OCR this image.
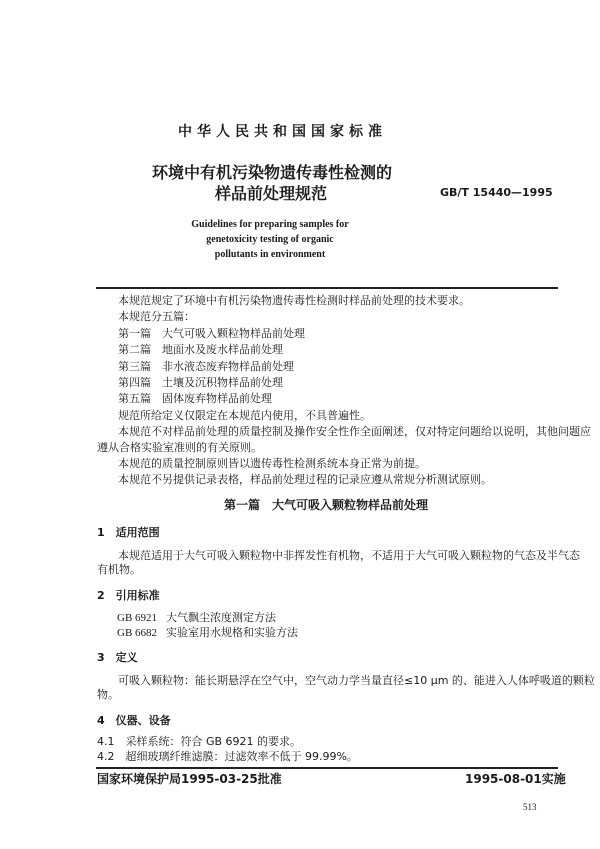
中华人民共和国国家标准
环境中有机污染物遗传毒性检测的
样品前处理规范	GB/T 15440—1995
Guidelines for preparing samples for
genetoxicity testing of organic
pollutants in environment
本规范规定了环境中有机污染物遗传毒性检测时样品前处理的技术要求。
本规范分五篇：
第一篇　大气可吸入颗粒物样品前处理
第二篇　地面水及废水样品前处理
第三篇　非水液态废弃物样品前处理
第四篇　土壤及沉积物样品前处理
第五篇　固体废弃物样品前处理
规范所给定义仅限定在本规范内使用，不具普遍性。
本规范不对样品前处理的质量控制及操作安全性作全面阐述，仅对特定问题给以说明，其他问题应
遵从合格实验室准则的有关原则。
本规范的质量控制原则皆以遗传毒性检测系统本身正常为前提。
本规范不另提供记录表格，样品前处理过程的记录应遵从常规分析测试原则。
第一篇　大气可吸入颗粒物样品前处理
1　适用范围
本规范适用于大气可吸入颗粒物中非挥发性有机物，不适用于大气可吸入颗粒物的气态及半气态
有机物。
2　引用标准
GB 6921 大气飘尘浓度测定方法
GB 6682 实验室用水规格和实验方法
3　定义
可吸入颗粒物：能长期悬浮在空气中，空气动力学当量直径≤10 μm 的、能进入人体呼吸道的颗粒
物。
4　仪器、设备
4.1　采样系统：符合 GB 6921 的要求。
4.2　超细玻璃纤维滤膜：过滤效率不低于 99.99%。
国家环境保护局1995-03-25批准	1995-08-01实施
513
